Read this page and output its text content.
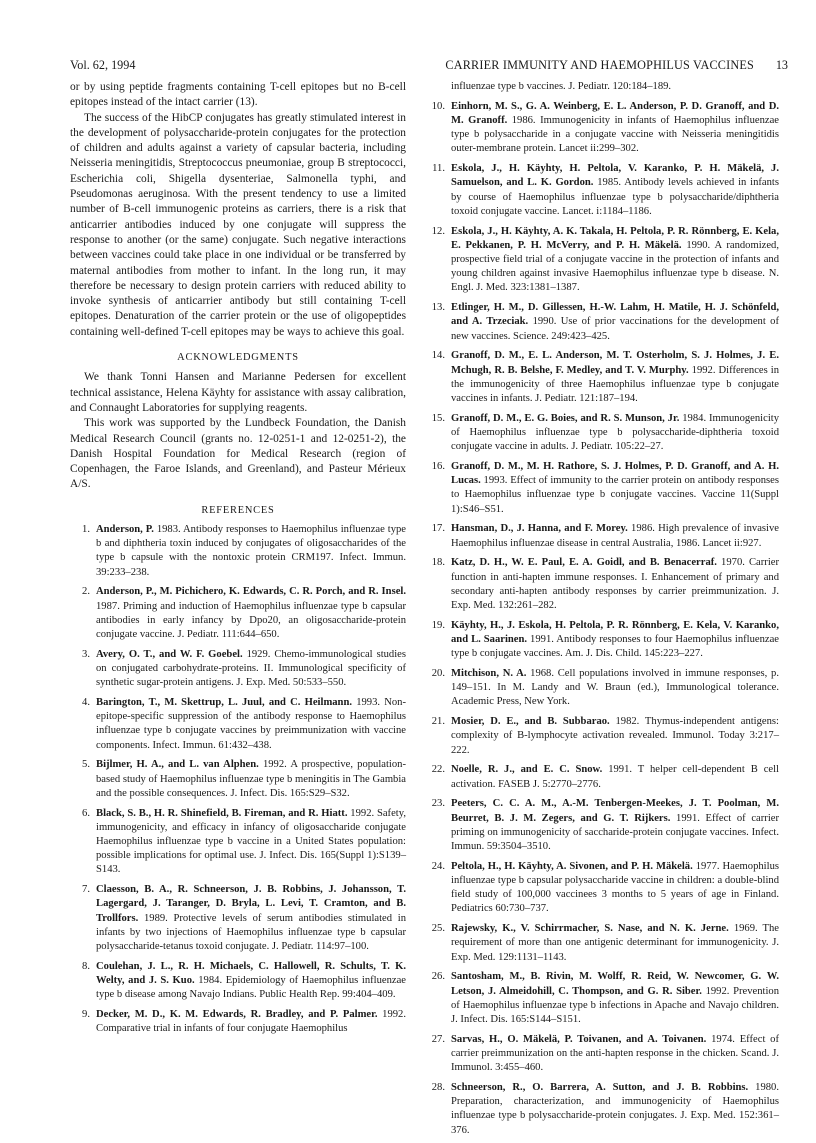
Vol. 62, 1994	CARRIER IMMUNITY AND HAEMOPHILUS VACCINES 13

or by using peptide fragments containing T-cell epitopes but no B-cell epitopes instead of the intact carrier (13).

The success of the HibCP conjugates has greatly stimulated interest in the development of polysaccharide-protein conjugates for the protection of children and adults against a variety of capsular bacteria, including Neisseria meningitidis, Streptococcus pneumoniae, group B streptococci, Escherichia coli, Shigella dysenteriae, Salmonella typhi, and Pseudomonas aeruginosa. With the present tendency to use a limited number of B-cell immunogenic proteins as carriers, there is a risk that anticarrier antibodies induced by one conjugate will suppress the response to another (or the same) conjugate. Such negative interactions between vaccines could take place in one individual or be transferred by maternal antibodies from mother to infant. In the long run, it may therefore be necessary to design protein carriers with reduced ability to invoke synthesis of anticarrier antibody but still containing T-cell epitopes. Denaturation of the carrier protein or the use of oligopeptides containing well-defined T-cell epitopes may be ways to achieve this goal.

ACKNOWLEDGMENTS

We thank Tonni Hansen and Marianne Pedersen for excellent technical assistance, Helena Käyhty for assistance with assay calibration, and Connaught Laboratories for supplying reagents.

This work was supported by the Lundbeck Foundation, the Danish Medical Research Council (grants no. 12-0251-1 and 12-0251-2), the Danish Hospital Foundation for Medical Research (region of Copenhagen, the Faroe Islands, and Greenland), and Pasteur Mérieux A/S.

REFERENCES
1. Anderson, P. 1983. Antibody responses to Haemophilus influenzae type b and diphtheria toxin induced by conjugates of oligosaccharides of the type b capsule with the nontoxic protein CRM197. Infect. Immun. 39:233–238.
2. Anderson, P., M. Pichichero, K. Edwards, C. R. Porch, and R. Insel. 1987. Priming and induction of Haemophilus influenzae type b capsular antibodies in early infancy by Dpo20, an oligosaccharide-protein conjugate vaccine. J. Pediatr. 111:644–650.
3. Avery, O. T., and W. F. Goebel. 1929. Chemo-immunological studies on conjugated carbohydrate-proteins. II. Immunological specificity of synthetic sugar-protein antigens. J. Exp. Med. 50:533–550.
4. Barington, T., M. Skettrup, L. Juul, and C. Heilmann. 1993. Non-epitope-specific suppression of the antibody response to Haemophilus influenzae type b conjugate vaccines by preimmunization with vaccine components. Infect. Immun. 61:432–438.
5. Bijlmer, H. A., and L. van Alphen. 1992. A prospective, population-based study of Haemophilus influenzae type b meningitis in The Gambia and the possible consequences. J. Infect. Dis. 165:S29–S32.
6. Black, S. B., H. R. Shinefield, B. Fireman, and R. Hiatt. 1992. Safety, immunogenicity, and efficacy in infancy of oligosaccharide conjugate Haemophilus influenzae type b vaccine in a United States population: possible implications for optimal use. J. Infect. Dis. 165(Suppl 1):S139–S143.
7. Claesson, B. A., R. Schneerson, J. B. Robbins, J. Johansson, T. Lagergard, J. Taranger, D. Bryla, L. Levi, T. Cramton, and B. Trollfors. 1989. Protective levels of serum antibodies stimulated in infants by two injections of Haemophilus influenzae type b capsular polysaccharide-tetanus toxoid conjugate. J. Pediatr. 114:97–100.
8. Coulehan, J. L., R. H. Michaels, C. Hallowell, R. Schults, T. K. Welty, and J. S. Kuo. 1984. Epidemiology of Haemophilus influenzae type b disease among Navajo Indians. Public Health Rep. 99:404–409.
9. Decker, M. D., K. M. Edwards, R. Bradley, and P. Palmer. 1992. Comparative trial in infants of four conjugate Haemophilus
influenzae type b vaccines. J. Pediatr. 120:184–189.
10. Einhorn, M. S., G. A. Weinberg, E. L. Anderson, P. D. Granoff, and D. M. Granoff. 1986. Immunogenicity in infants of Haemophilus influenzae type b polysaccharide in a conjugate vaccine with Neisseria meningitidis outer-membrane protein. Lancet ii:299–302.
11. Eskola, J., H. Käyhty, H. Peltola, V. Karanko, P. H. Mäkelä, J. Samuelson, and L. K. Gordon. 1985. Antibody levels achieved in infants by course of Haemophilus influenzae type b polysaccharide/diphtheria toxoid conjugate vaccine. Lancet. i:1184–1186.
12. Eskola, J., H. Käyhty, A. K. Takala, H. Peltola, P. R. Rönnberg, E. Kela, E. Pekkanen, P. H. McVerry, and P. H. Mäkelä. 1990. A randomized, prospective field trial of a conjugate vaccine in the protection of infants and young children against invasive Haemophilus influenzae type b disease. N. Engl. J. Med. 323:1381–1387.
13. Etlinger, H. M., D. Gillessen, H.-W. Lahm, H. Matile, H. J. Schönfeld, and A. Trzeciak. 1990. Use of prior vaccinations for the development of new vaccines. Science. 249:423–425.
14. Granoff, D. M., E. L. Anderson, M. T. Osterholm, S. J. Holmes, J. E. Mchugh, R. B. Belshe, F. Medley, and T. V. Murphy. 1992. Differences in the immunogenicity of three Haemophilus influenzae type b conjugate vaccines in infants. J. Pediatr. 121:187–194.
15. Granoff, D. M., E. G. Boies, and R. S. Munson, Jr. 1984. Immunogenicity of Haemophilus influenzae type b polysaccharide-diphtheria toxoid conjugate vaccine in adults. J. Pediatr. 105:22–27.
16. Granoff, D. M., M. H. Rathore, S. J. Holmes, P. D. Granoff, and A. H. Lucas. 1993. Effect of immunity to the carrier protein on antibody responses to Haemophilus influenzae type b conjugate vaccines. Vaccine 11(Suppl 1):S46–S51.
17. Hansman, D., J. Hanna, and F. Morey. 1986. High prevalence of invasive Haemophilus influenzae disease in central Australia, 1986. Lancet ii:927.
18. Katz, D. H., W. E. Paul, E. A. Goidl, and B. Benacerraf. 1970. Carrier function in anti-hapten immune responses. I. Enhancement of primary and secondary anti-hapten antibody responses by carrier preimmunization. J. Exp. Med. 132:261–282.
19. Käyhty, H., J. Eskola, H. Peltola, P. R. Rönnberg, E. Kela, V. Karanko, and L. Saarinen. 1991. Antibody responses to four Haemophilus influenzae type b conjugate vaccines. Am. J. Dis. Child. 145:223–227.
20. Mitchison, N. A. 1968. Cell populations involved in immune responses, p. 149–151. In M. Landy and W. Braun (ed.), Immunological tolerance. Academic Press, New York.
21. Mosier, D. E., and B. Subbarao. 1982. Thymus-independent antigens: complexity of B-lymphocyte activation revealed. Immunol. Today 3:217–222.
22. Noelle, R. J., and E. C. Snow. 1991. T helper cell-dependent B cell activation. FASEB J. 5:2770–2776.
23. Peeters, C. C. A. M., A.-M. Tenbergen-Meekes, J. T. Poolman, M. Beurret, B. J. M. Zegers, and G. T. Rijkers. 1991. Effect of carrier priming on immunogenicity of saccharide-protein conjugate vaccines. Infect. Immun. 59:3504–3510.
24. Peltola, H., H. Käyhty, A. Sivonen, and P. H. Mäkelä. 1977. Haemophilus influenzae type b capsular polysaccharide vaccine in children: a double-blind field study of 100,000 vaccinees 3 months to 5 years of age in Finland. Pediatrics 60:730–737.
25. Rajewsky, K., V. Schirrmacher, S. Nase, and N. K. Jerne. 1969. The requirement of more than one antigenic determinant for immunogenicity. J. Exp. Med. 129:1131–1143.
26. Santosham, M., B. Rivin, M. Wolff, R. Reid, W. Newcomer, G. W. Letson, J. Almeidohill, C. Thompson, and G. R. Siber. 1992. Prevention of Haemophilus influenzae type b infections in Apache and Navajo children. J. Infect. Dis. 165:S144–S151.
27. Sarvas, H., O. Mäkelä, P. Toivanen, and A. Toivanen. 1974. Effect of carrier preimmunization on the anti-hapten response in the chicken. Scand. J. Immunol. 3:455–460.
28. Schneerson, R., O. Barrera, A. Sutton, and J. B. Robbins. 1980. Preparation, characterization, and immunogenicity of Haemophilus influenzae type b polysaccharide-protein conjugates. J. Exp. Med. 152:361–376.
